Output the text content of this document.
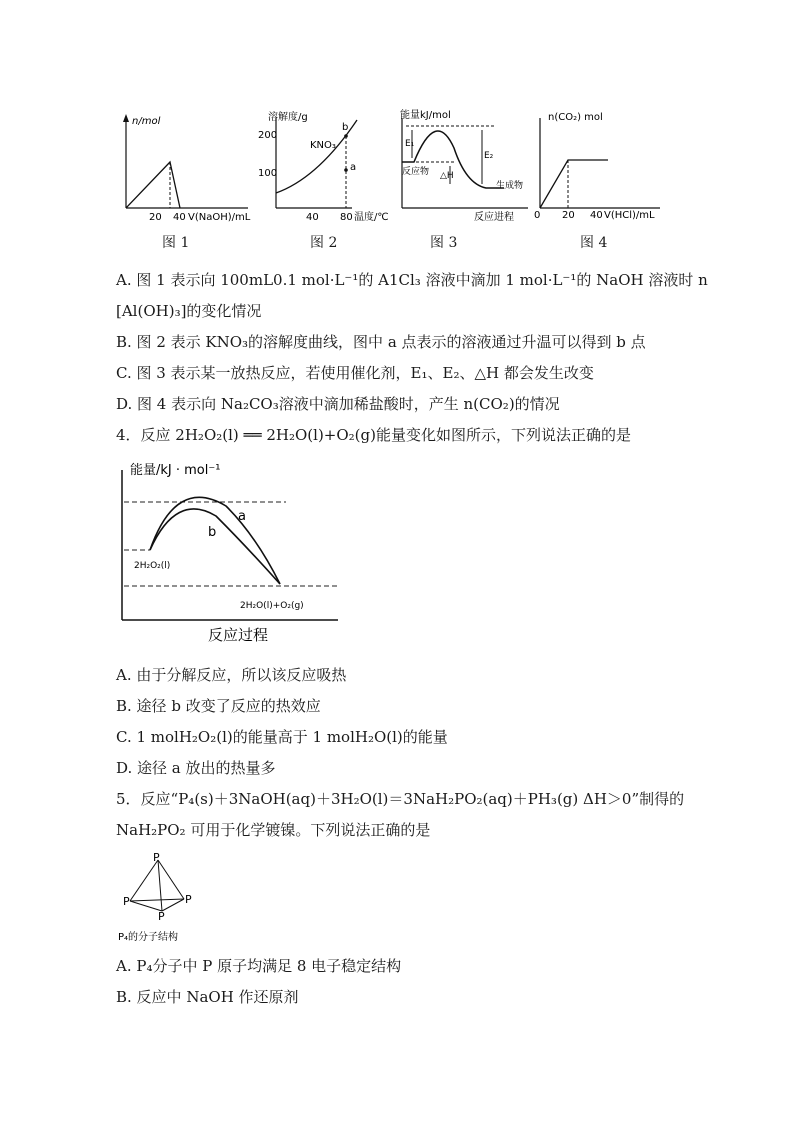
n/mol
20 40 V(NaOH)/mL
图 1
溶解度/g
200
100
KNO₃
b
a
40 80 温度/℃
图 2
能量kJ/mol
E₁
E₂
反应物 △H
生成物
反应进程
图 3
n(CO₂) mol
0 20 40 V(HCl)/mL
图 4
A. 图 1 表示向 100mL0.1 mol·L⁻¹的 A1Cl₃ 溶液中滴加 1 mol·L⁻¹的 NaOH 溶液时 n
[Al(OH)₃]的变化情况
B. 图 2 表示 KNO₃的溶解度曲线，图中 a 点表示的溶液通过升温可以得到 b 点
C. 图 3 表示某一放热反应，若使用催化剂，E₁、E₂、△H 都会发生改变
D. 图 4 表示向 Na₂CO₃溶液中滴加稀盐酸时，产生 n(CO₂)的情况
4．反应 2H₂O₂(l) ══ 2H₂O(l)+O₂(g)能量变化如图所示，下列说法正确的是
能量/kJ · mol⁻¹
a
b
2H₂O₂(l)
2H₂O(l)+O₂(g)
反应过程
A. 由于分解反应，所以该反应吸热
B. 途径 b 改变了反应的热效应
C. 1 molH₂O₂(l)的能量高于 1 molH₂O(l)的能量
D. 途径 a 放出的热量多
5．反应“P₄(s)＋3NaOH(aq)＋3H₂O(l)＝3NaH₂PO₂(aq)＋PH₃(g) ΔH＞0”制得的
NaH₂PO₂ 可用于化学镀镍。下列说法正确的是
P
P	P
P
P₄的分子结构
A. P₄分子中 P 原子均满足 8 电子稳定结构
B. 反应中 NaOH 作还原剂
